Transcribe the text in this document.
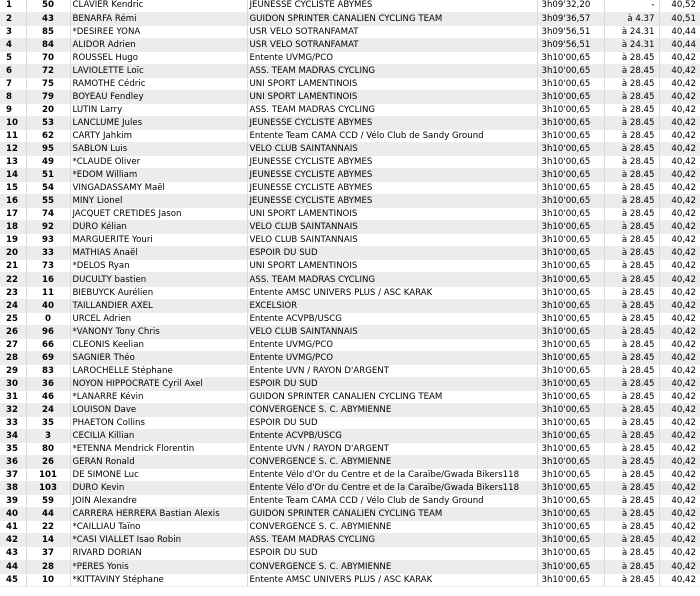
1	50	CLAVIER Kendric	JEUNESSE CYCLISTE ABYMES	3h09'32,20	-	40,52
2	43	BENARFA Rémi	GUIDON SPRINTER CANALIEN CYCLING TEAM	3h09'36,57	à 4.37	40,51
3	85	*DESIREE YONA	USR VELO SOTRANFAMAT	3h09'56,51	à 24.31	40,44
4	84	ALIDOR Adrien	USR VELO SOTRANFAMAT	3h09'56,51	à 24.31	40,44
5	70	ROUSSEL Hugo	Entente UVMG/PCO	3h10'00,65	à 28.45	40,42
6	72	LAVIOLETTE Loïc	ASS. TEAM MADRAS CYCLING	3h10'00,65	à 28.45	40,42
7	75	RAMOTHE Cédric	UNI SPORT LAMENTINOIS	3h10'00,65	à 28.45	40,42
8	79	BOYEAU Fendley	UNI SPORT LAMENTINOIS	3h10'00,65	à 28.45	40,42
9	20	LUTIN Larry	ASS. TEAM MADRAS CYCLING	3h10'00,65	à 28.45	40,42
10	53	LANCLUME Jules	JEUNESSE CYCLISTE ABYMES	3h10'00,65	à 28.45	40,42
11	62	CARTY Jahkim	Entente Team CAMA CCD / Vélo Club de Sandy Ground	3h10'00,65	à 28.45	40,42
12	95	SABLON Luis	VELO CLUB SAINTANNAIS	3h10'00,65	à 28.45	40,42
13	49	*CLAUDE Oliver	JEUNESSE CYCLISTE ABYMES	3h10'00,65	à 28.45	40,42
14	51	*EDOM William	JEUNESSE CYCLISTE ABYMES	3h10'00,65	à 28.45	40,42
15	54	VINGADASSAMY Maël	JEUNESSE CYCLISTE ABYMES	3h10'00,65	à 28.45	40,42
16	55	MINY Lionel	JEUNESSE CYCLISTE ABYMES	3h10'00,65	à 28.45	40,42
17	74	JACQUET CRETIDES Jason	UNI SPORT LAMENTINOIS	3h10'00,65	à 28.45	40,42
18	92	DURO Kélian	VELO CLUB SAINTANNAIS	3h10'00,65	à 28.45	40,42
19	93	MARGUERITE Youri	VELO CLUB SAINTANNAIS	3h10'00,65	à 28.45	40,42
20	33	MATHIAS Anaël	ESPOIR DU SUD	3h10'00,65	à 28.45	40,42
21	73	*DELOS Ryan	UNI SPORT LAMENTINOIS	3h10'00,65	à 28.45	40,42
22	16	DUCULTY bastien	ASS. TEAM MADRAS CYCLING	3h10'00,65	à 28.45	40,42
23	11	BIEBUYCK Aurélien	Entente AMSC UNIVERS PLUS / ASC KARAK	3h10'00,65	à 28.45	40,42
24	40	TAILLANDIER AXEL	EXCELSIOR	3h10'00,65	à 28.45	40,42
25	0	URCEL Adrien	Entente ACVPB/USCG	3h10'00,65	à 28.45	40,42
26	96	*VANONY Tony Chris	VELO CLUB SAINTANNAIS	3h10'00,65	à 28.45	40,42
27	66	CLEONIS Keelian	Entente UVMG/PCO	3h10'00,65	à 28.45	40,42
28	69	SAGNIER Théo	Entente UVMG/PCO	3h10'00,65	à 28.45	40,42
29	83	LAROCHELLE Stéphane	Entente UVN / RAYON D'ARGENT	3h10'00,65	à 28.45	40,42
30	36	NOYON HIPPOCRATE Cyril Axel	ESPOIR DU SUD	3h10'00,65	à 28.45	40,42
31	46	*LANARRE Kévin	GUIDON SPRINTER CANALIEN CYCLING TEAM	3h10'00,65	à 28.45	40,42
32	24	LOUISON Dave	CONVERGENCE S. C. ABYMIENNE	3h10'00,65	à 28.45	40,42
33	35	PHAETON Collins	ESPOIR DU SUD	3h10'00,65	à 28.45	40,42
34	3	CECILIA Killian	Entente ACVPB/USCG	3h10'00,65	à 28.45	40,42
35	80	*ETENNA Mendrick Florentin	Entente UVN / RAYON D'ARGENT	3h10'00,65	à 28.45	40,42
36	26	GERAN Ronald	CONVERGENCE S. C. ABYMIENNE	3h10'00,65	à 28.45	40,42
37	101	DE SIMONE Luc	Entente Vélo d'Or du Centre et de la Caraïbe/Gwada Bikers118	3h10'00,65	à 28.45	40,42
38	103	DURO Kevin	Entente Vélo d'Or du Centre et de la Caraïbe/Gwada Bikers118	3h10'00,65	à 28.45	40,42
39	59	JOIN Alexandre	Entente Team CAMA CCD / Vélo Club de Sandy Ground	3h10'00,65	à 28.45	40,42
40	44	CARRERA HERRERA Bastian Alexis	GUIDON SPRINTER CANALIEN CYCLING TEAM	3h10'00,65	à 28.45	40,42
41	22	*CAILLIAU Taïno	CONVERGENCE S. C. ABYMIENNE	3h10'00,65	à 28.45	40,42
42	14	*CASI VIALLET Isao Robin	ASS. TEAM MADRAS CYCLING	3h10'00,65	à 28.45	40,42
43	37	RIVARD DORIAN	ESPOIR DU SUD	3h10'00,65	à 28.45	40,42
44	28	*PERES Yonis	CONVERGENCE S. C. ABYMIENNE	3h10'00,65	à 28.45	40,42
45	10	*KITTAVINY Stéphane	Entente AMSC UNIVERS PLUS / ASC KARAK	3h10'00,65	à 28.45	40,42
